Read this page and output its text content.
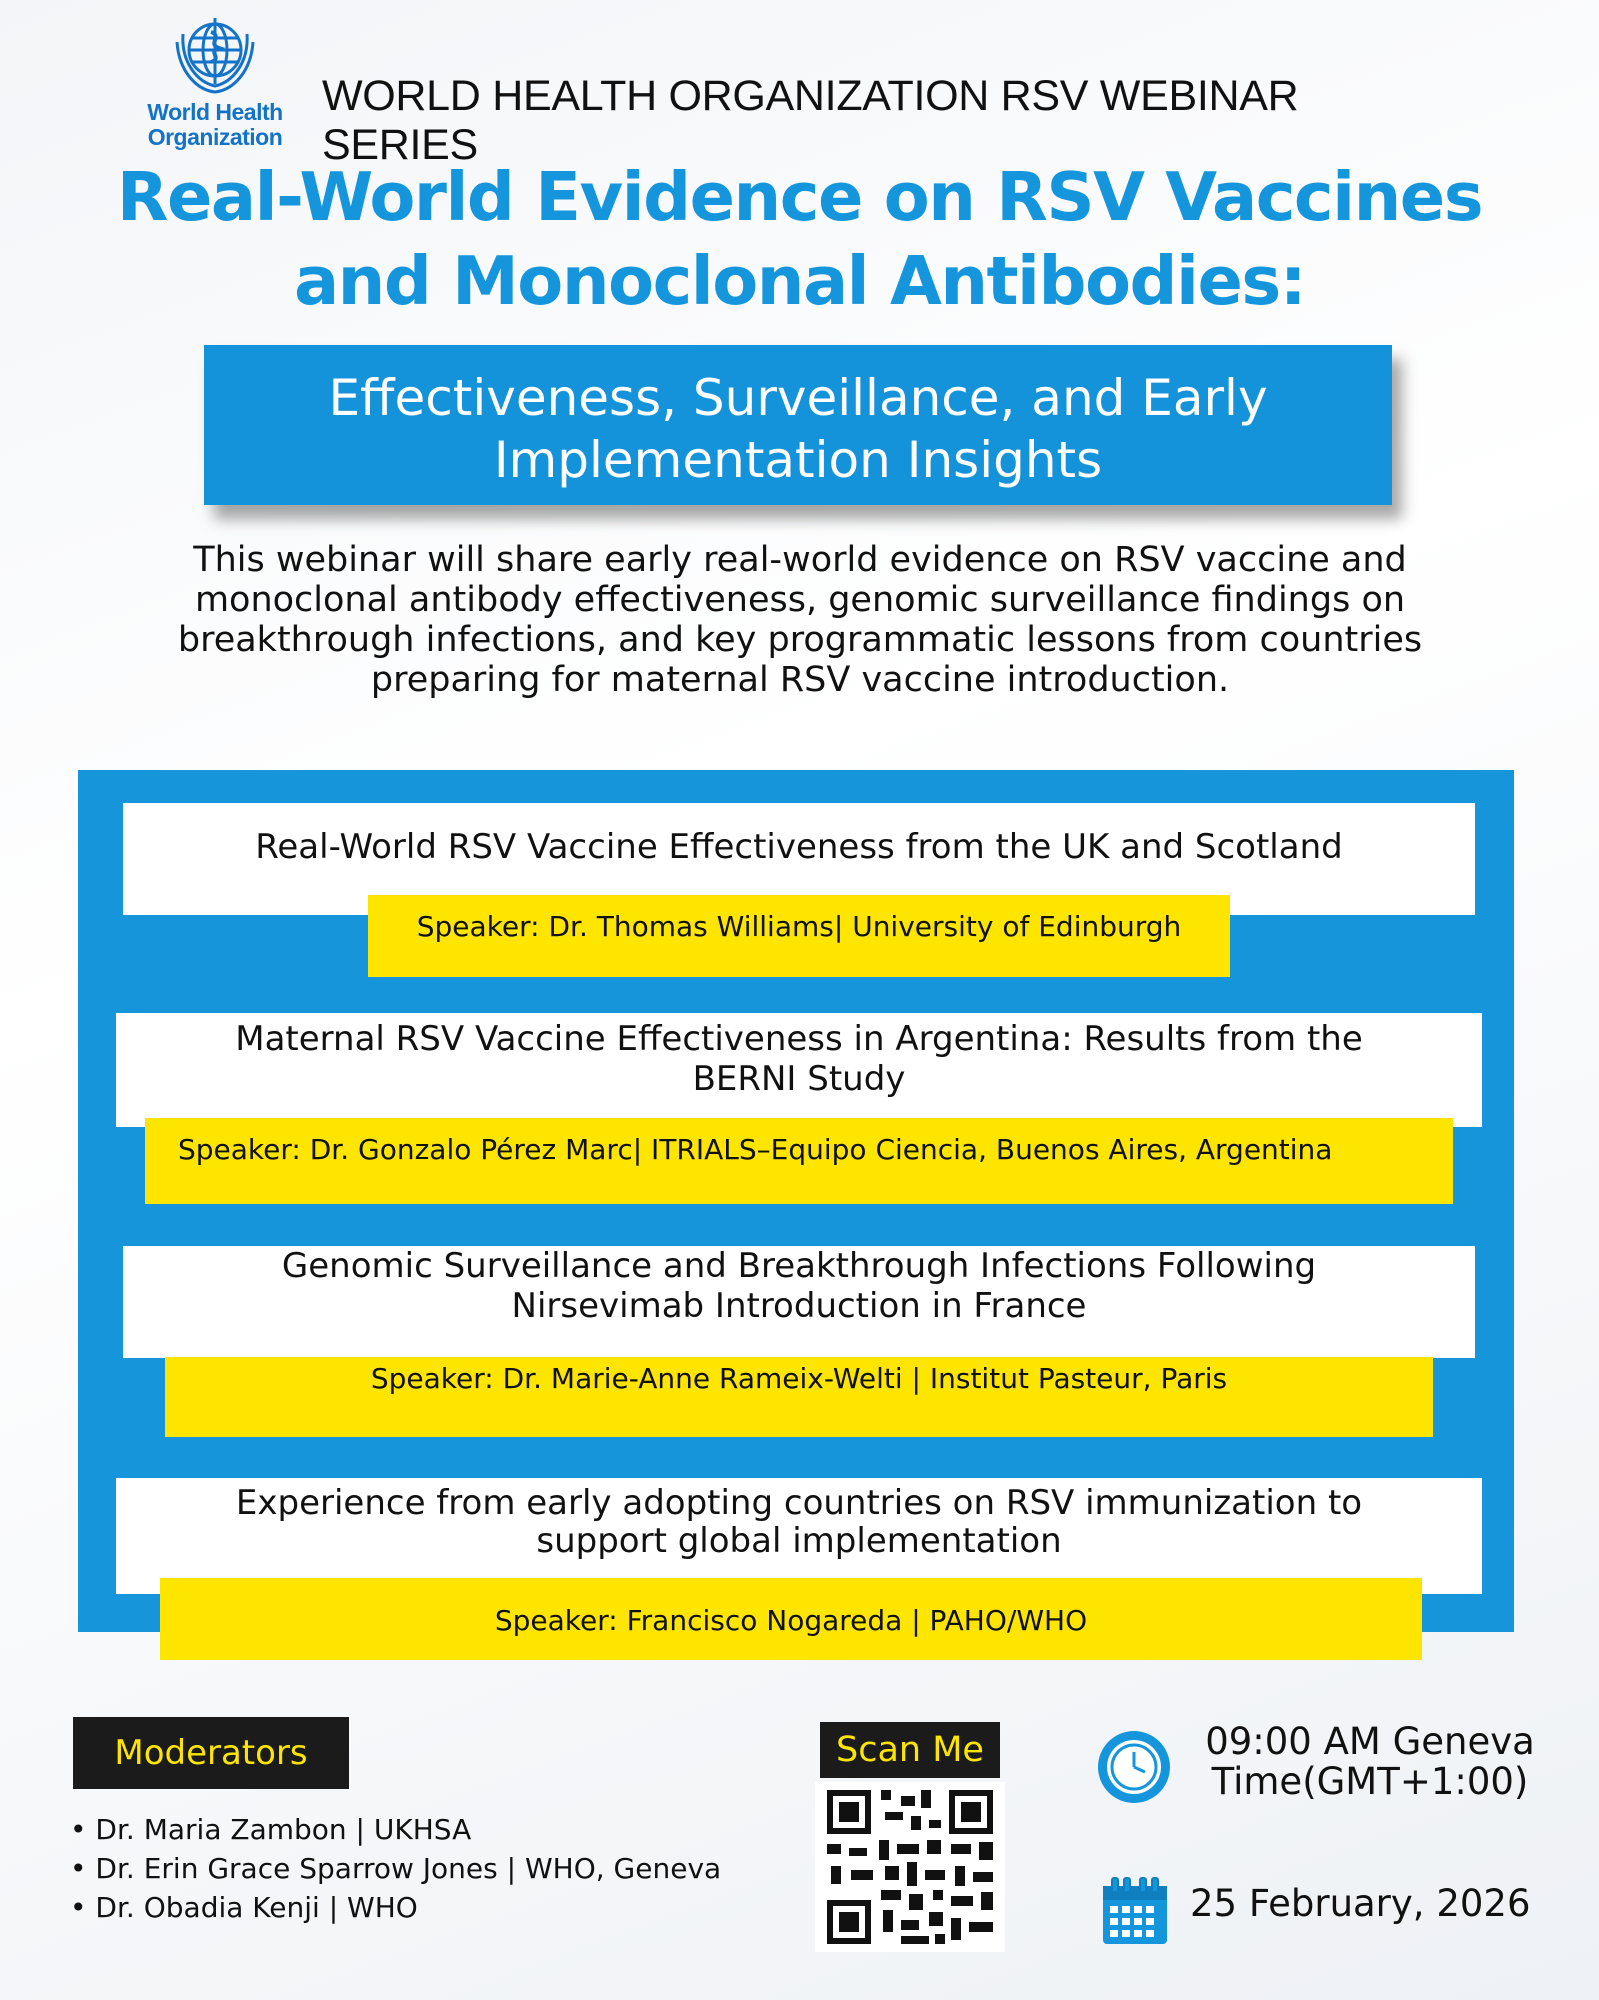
World Health
Organization
WORLD HEALTH ORGANIZATION RSV WEBINAR SERIES
Real-World Evidence on RSV Vaccines
and Monoclonal Antibodies:
Effectiveness, Surveillance, and Early
Implementation Insights
This webinar will share early real-world evidence on RSV vaccine and
monoclonal antibody effectiveness, genomic surveillance findings on
breakthrough infections, and key programmatic lessons from countries
preparing for maternal RSV vaccine introduction.
Real-World RSV Vaccine Effectiveness from the UK and Scotland
Speaker: Dr. Thomas Williams| University of Edinburgh
Maternal RSV Vaccine Effectiveness in Argentina: Results from the
BERNI Study
Speaker: Dr. Gonzalo Pérez Marc| ITRIALS–Equipo Ciencia, Buenos Aires, Argentina
Genomic Surveillance and Breakthrough Infections Following
Nirsevimab Introduction in France
Speaker: Dr. Marie-Anne Rameix-Welti | Institut Pasteur, Paris
Experience from early adopting countries on RSV immunization to
support global implementation
Speaker: Francisco Nogareda | PAHO/WHO
Moderators
• Dr. Maria Zambon | UKHSA
• Dr. Erin Grace Sparrow Jones | WHO, Geneva
• Dr. Obadia Kenji | WHO
Scan Me	09:00 AM Geneva
Time(GMT+1:00)
25 February, 2026
